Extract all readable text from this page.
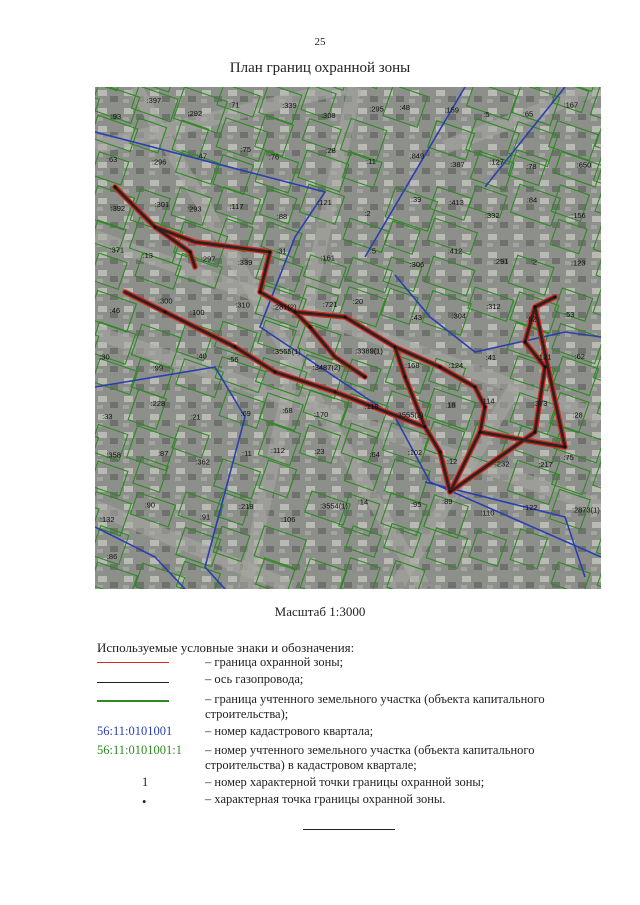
25
План границ охранной зоны
:93
:397
:292
:71	:339
:308
:295 :48	:159
:5	:65
:167
:63	:296
:47
:75
:76
:28
:11
:849
:387	:127	:78	:650
:392	:301 :293	:117
:88
:121
:2
:39	:413
:332
:84
:156
:371
:13	:297	:339
:31
:161
:5
:306
:412
:291	:2	:123
:46
:300
:100
:310	:281(2)	:721 :20
:43	:304
:312
:62	:53
:30
:99
:40	:56
:3555(1)
:3487(2)
:3389(1)
:168	:124
:41	:121	:62
:33
:228
:21	:69	:68	:170
:118
:3555(2)
:18	:114	:373
:28
:358	:87
:362
:11	:112	:23	:64	:102
:12	:232	:217
:75
:132
:90
:91
:218
:106
:3554(1) :14	:95	:89
:110
:122	:2873(1)
:86
Масштаб 1:3000
Используемые условные знаки и обозначения:
– граница охранной зоны;
– ось газопровода;
– граница учтенного земельного участка (объекта капитального строительства);
56:11:0101001	– номер кадастрового квартала;
56:11:0101001:1	– номер учтенного земельного участка (объекта капитального строительства) в кадастровом квартале;
1	– номер характерной точки границы охранной зоны;
•	– характерная точка границы охранной зоны.
